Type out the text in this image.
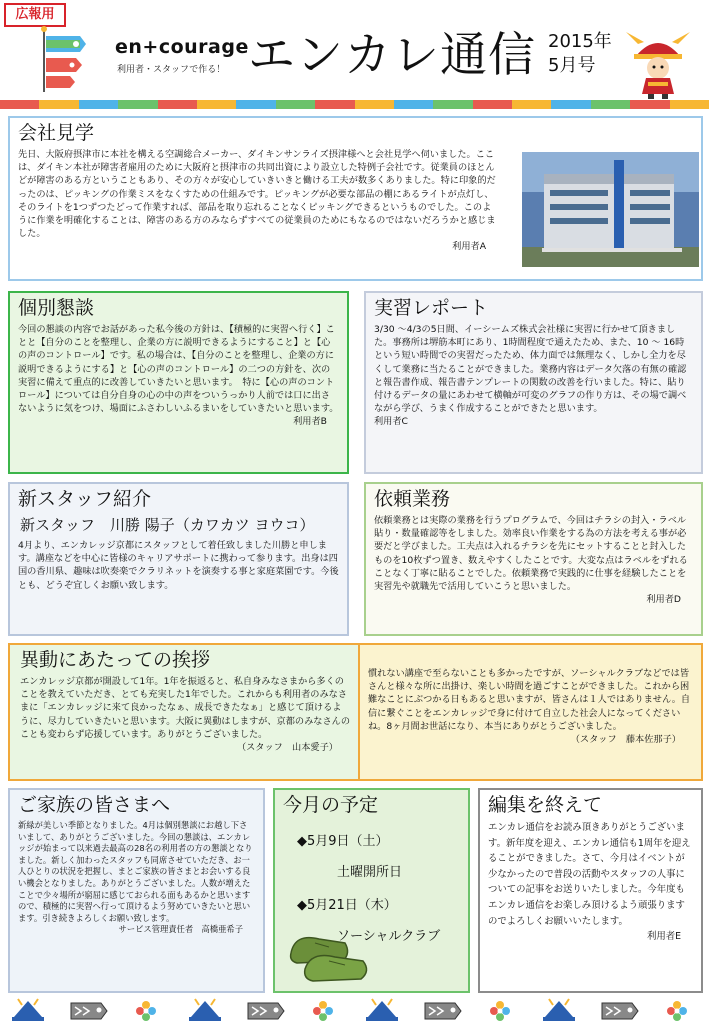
広報用
en+courage
利用者・スタッフで作る！ エンカレ通信 2015年
5月号
会社見学

先日、大阪府摂津市に本社を構える空調総合メーカー、ダイキンサンライズ摂津様へと会社見学へ伺いました。ここは、ダイキン本社が障害者雇用のために大阪府と摂津市の共同出資により設立した特例子会社です。従業員のほとんどが障害のある方ということもあり、その方々が安心していきいきと働ける工夫が数多くありました。特に印象的だったのは、ピッキングの作業ミスをなくすための仕組みです。ピッキングが必要な部品の棚にあるライトが点灯し、そのライトを1つずつたどって作業すれば、部品を取り忘れることなくピッキングできるというものでした。このように作業を明確化することは、障害のある方のみならずすべての従業員のためにもなるのではないだろうかと感じました。

利用者A

個別懇談

今回の懇談の内容でお話があった私今後の方針は、【積極的に実習へ行く】ことと【自分のことを整理し、企業の方に説明できるようにすること】と【心の声のコントロール】です。私の場合は、【自分のことを整理し、企業の方に説明できるようにする】と【心の声のコントロール】の二つの方針を、次の実習に備えて重点的に改善していきたいと思います。　特に【心の声のコントロール】については自分自身の心の中の声をついうっかり人前では口に出さないように気をつけ、場面にふさわしいふるまいをしていきたいと思います。

利用者B

実習レポート

3/30 ～4/3の5日間、イーシームズ株式会社様に実習に行かせて頂きました。事務所は堺筋本町にあり、1時間程度で通えたため、また、10 ～ 16時という短い時間での実習だったため、体力面では無理なく、しかし全力を尽くして業務に当たることができました。業務内容はデータ欠落の有無の確認と報告書作成、報告書テンプレートの関数の改善を行いました。特に、貼り付けるデータの量にあわせて横軸が可変のグラフの作り方は、その場で調べながら学び、うまく作成することができたと思います。

利用者C

新スタッフ紹介
新スタッフ　川勝 陽子（カワカツ ヨウコ）

4月より、エンカレッジ京都にスタッフとして着任致しました川勝と申します。講座などを中心に皆様のキャリアサポートに携わって参ります。出身は四国の香川県、趣味は吹奏楽でクラリネットを演奏する事と家庭菜園です。今後とも、どうぞ宜しくお願い致します。

依頼業務

依頼業務とは実際の業務を行うプログラムで、今回はチラシの封入・ラベル貼り・数量確認等をしました。効率良い作業をする為の方法を考える事が必要だと学びました。工夫点は入れるチラシを先にセットすることと封入したものを10枚ずつ置き、数えやすくしたことです。大変な点はラベルをずれることなく丁寧に貼ることでした。依頼業務で実践的に仕事を経験したことを実習先や就職先で活用していこうと思いました。

利用者D

異動にあたっての挨拶

エンカレッジ京都が開設して1年。1年を振返ると、私自身みなさまから多くのことを教えていただき、とても充実した1年でした。これからも利用者のみなさまに「エンカレッジに来て良かったなぁ、成長できたなぁ」と感じて頂けるように、尽力していきたいと思います。大阪に異動はしますが、京都のみなさんのことも変わらず応援しています。ありがとうございました。

（スタッフ　山本愛子）

慣れない講座で至らないことも多かったですが、ソーシャルクラブなどでは皆さんと様々な所に出掛け、楽しい時間を過ごすことができました。これから困難なことにぶつかる日もあると思いますが、皆さんは１人ではありません。自信に繋ぐことをエンカレッジで身に付けて自立した社会人になってくださいね。8ヶ月間お世話になり、本当にありがとうございました。

（スタッフ　藤本佐那子）

ご家族の皆さまへ

新緑が美しい季節となりました。4月は個別懇談にお越し下さいまして、ありがとうございました。今回の懇談は、エンカレッジが始まって以来過去最高の28名の利用者の方の懇談となりました。新しく加わったスタッフも同席させていただき、お一人ひとりの状況を把握し、まとご家族の皆さまとお会いする良い機会となりました。ありがとうございました。人数が増えたことで少々場所が窮屈に感じておられる面もあるかと思いますので、積極的に実習へ行って頂けるよう努めていきたいと思います。引き続きよろしくお願い致します。

サービス管理責任者　高橋亜希子

今月の予定
◆5月9日（土）
土曜開所日
◆5月21日（木）
ソーシャルクラブ
編集を終えて

エンカレ通信をお読み頂きありがとうございます。新年度を迎え、エンカレ通信も1周年を迎えることができました。さて、今月はイベントが少なかったので普段の活動やスタッフの人事についての記事をお送りいたしました。今年度もエンカレ通信をお楽しみ頂けるよう頑張りますのでよろしくお願いいたします。

利用者E
